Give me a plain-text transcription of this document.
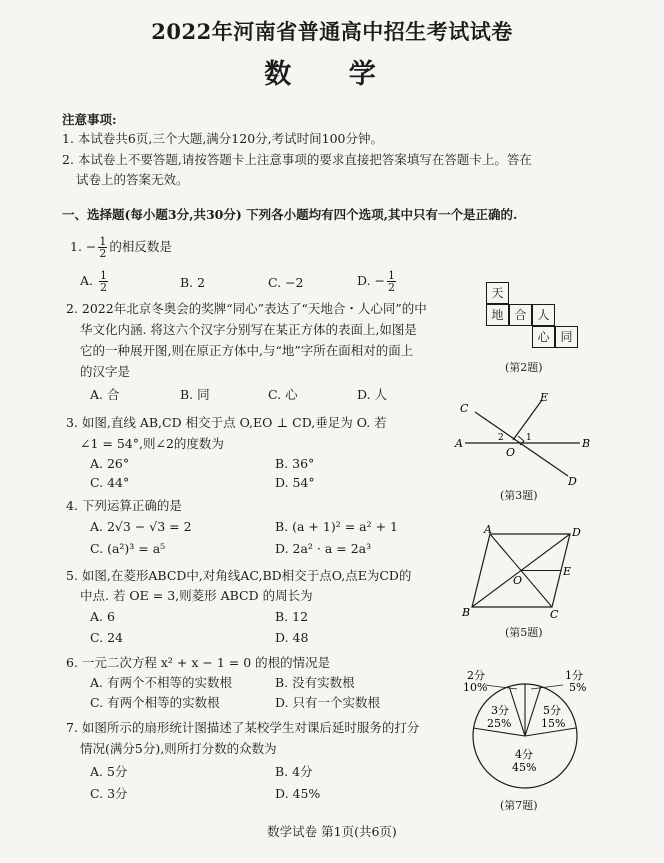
2022年河南省普通高中招生考试试卷
数 学
注意事项:
1. 本试卷共6页,三个大题,满分120分,考试时间100分钟。
2. 本试卷上不要答题,请按答题卡上注意事项的要求直接把答案填写在答题卡上。答在
试卷上的答案无效。
一、选择题(每小题3分,共30分) 下列各小题均有四个选项,其中只有一个是正确的.
1. − $\frac{1}{2}$ 的相反数是
A. $\frac{1}{2}$	B. 2	C. −2	D. − $\frac{1}{2}$
2. 2022年北京冬奥会的奖牌“同心”表达了“天地合・人心同”的中
华文化内涵. 将这六个汉字分别写在某正方体的表面上,如图是
它的一种展开图,则在原正方体中,与“地”字所在面相对的面上
的汉字是
A. 合	B. 同	C. 心	D. 人
天
地 合 人
心 同
(第2题)
3. 如图,直线 AB,CD 相交于点 O,EO ⊥ CD,垂足为 O. 若
∠1 = 54°,则∠2的度数为
A. 26°	B. 36°
C. 44°	D. 54°
C
E
A	B
O
D
1
2
(第3题)
4. 下列运算正确的是
A. 2√3 − √3 = 2	B. (a + 1)² = a² + 1
C. (a²)³ = a⁵	D. 2a² · a = 2a³
5. 如图,在菱形ABCD中,对角线AC,BD相交于点O,点E为CD的
中点. 若 OE = 3,则菱形 ABCD 的周长为
A. 6	B. 12
C. 24	D. 48
A	D
O
E
B	C
(第5题)
6. 一元二次方程 x² + x − 1 = 0 的根的情况是
A. 有两个不相等的实数根	B. 没有实数根
C. 有两个相等的实数根	D. 只有一个实数根
7. 如图所示的扇形统计图描述了某校学生对课后延时服务的打分
情况(满分5分),则所打分数的众数为
A. 5分	B. 4分
C. 3分	D. 45%
2分
10%
1分
5%
3分
25%
5分
15%
4分
45%
(第7题)
数学试卷 第1页(共6页)
